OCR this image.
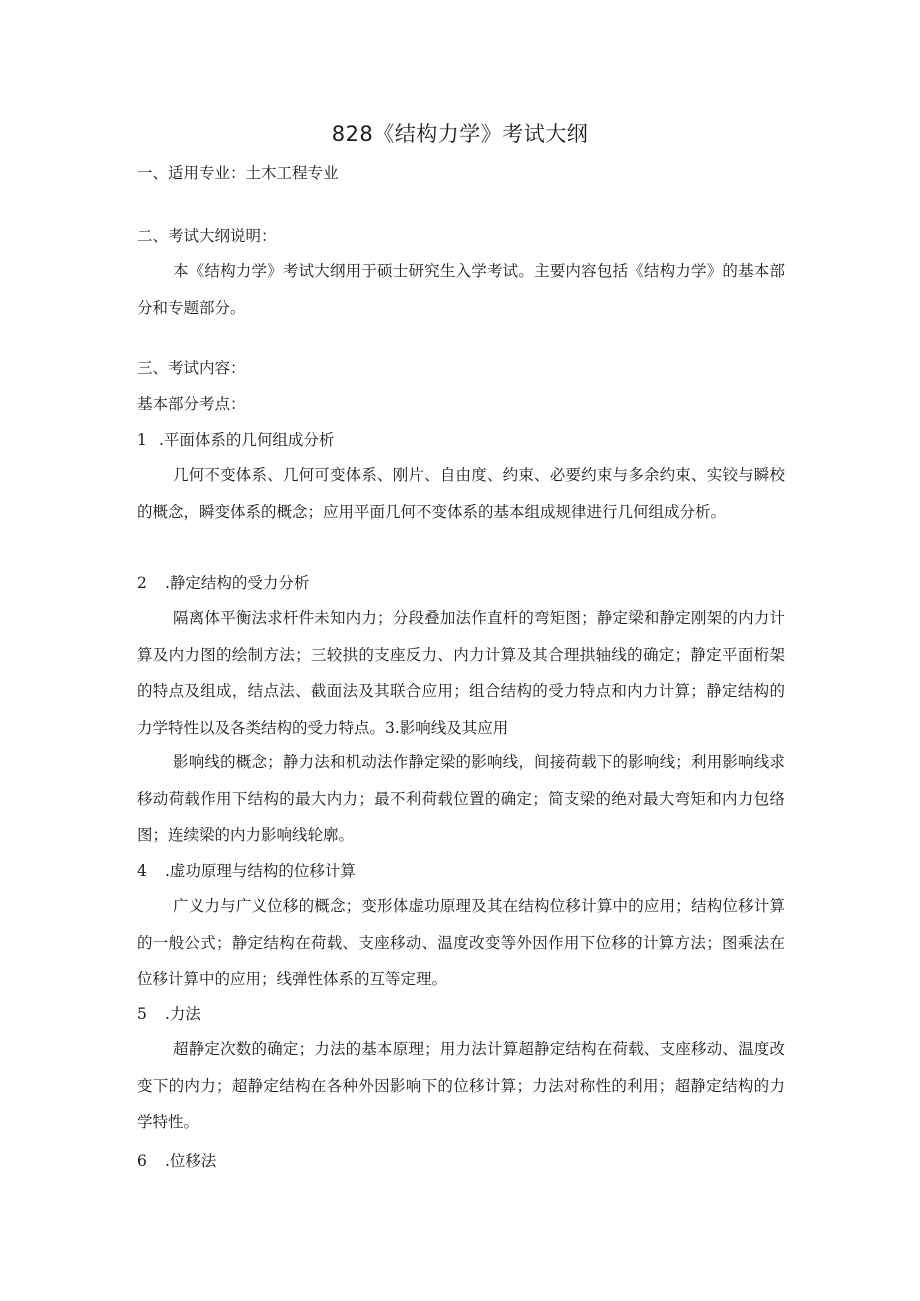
828《结构力学》考试大纲

一、适用专业：土木工程专业

二、考试大纲说明：

本《结构力学》考试大纲用于硕士研究生入学考试。主要内容包括《结构力学》的基本部分和专题部分。

三、考试内容：

基本部分考点：

1 .平面体系的几何组成分析

几何不变体系、几何可变体系、刚片、自由度、约束、必要约束与多余约束、实铰与瞬校的概念，瞬变体系的概念；应用平面几何不变体系的基本组成规律进行几何组成分析。

2 .静定结构的受力分析

隔离体平衡法求杆件未知内力；分段叠加法作直杆的弯矩图；静定梁和静定刚架的内力计算及内力图的绘制方法；三较拱的支座反力、内力计算及其合理拱轴线的确定；静定平面桁架的特点及组成，结点法、截面法及其联合应用；组合结构的受力特点和内力计算；静定结构的力学特性以及各类结构的受力特点。3.影响线及其应用

影响线的概念；静力法和机动法作静定梁的影响线，间接荷载下的影响线；利用影响线求移动荷载作用下结构的最大内力；最不利荷载位置的确定；简支梁的绝对最大弯矩和内力包络图；连续梁的内力影响线轮廓。

4 .虚功原理与结构的位移计算

广义力与广义位移的概念；变形体虚功原理及其在结构位移计算中的应用；结构位移计算的一般公式；静定结构在荷载、支座移动、温度改变等外因作用下位移的计算方法；图乘法在位移计算中的应用；线弹性体系的互等定理。

5 .力法

超静定次数的确定；力法的基本原理；用力法计算超静定结构在荷载、支座移动、温度改变下的内力；超静定结构在各种外因影响下的位移计算；力法对称性的利用；超静定结构的力学特性。

6 .位移法
